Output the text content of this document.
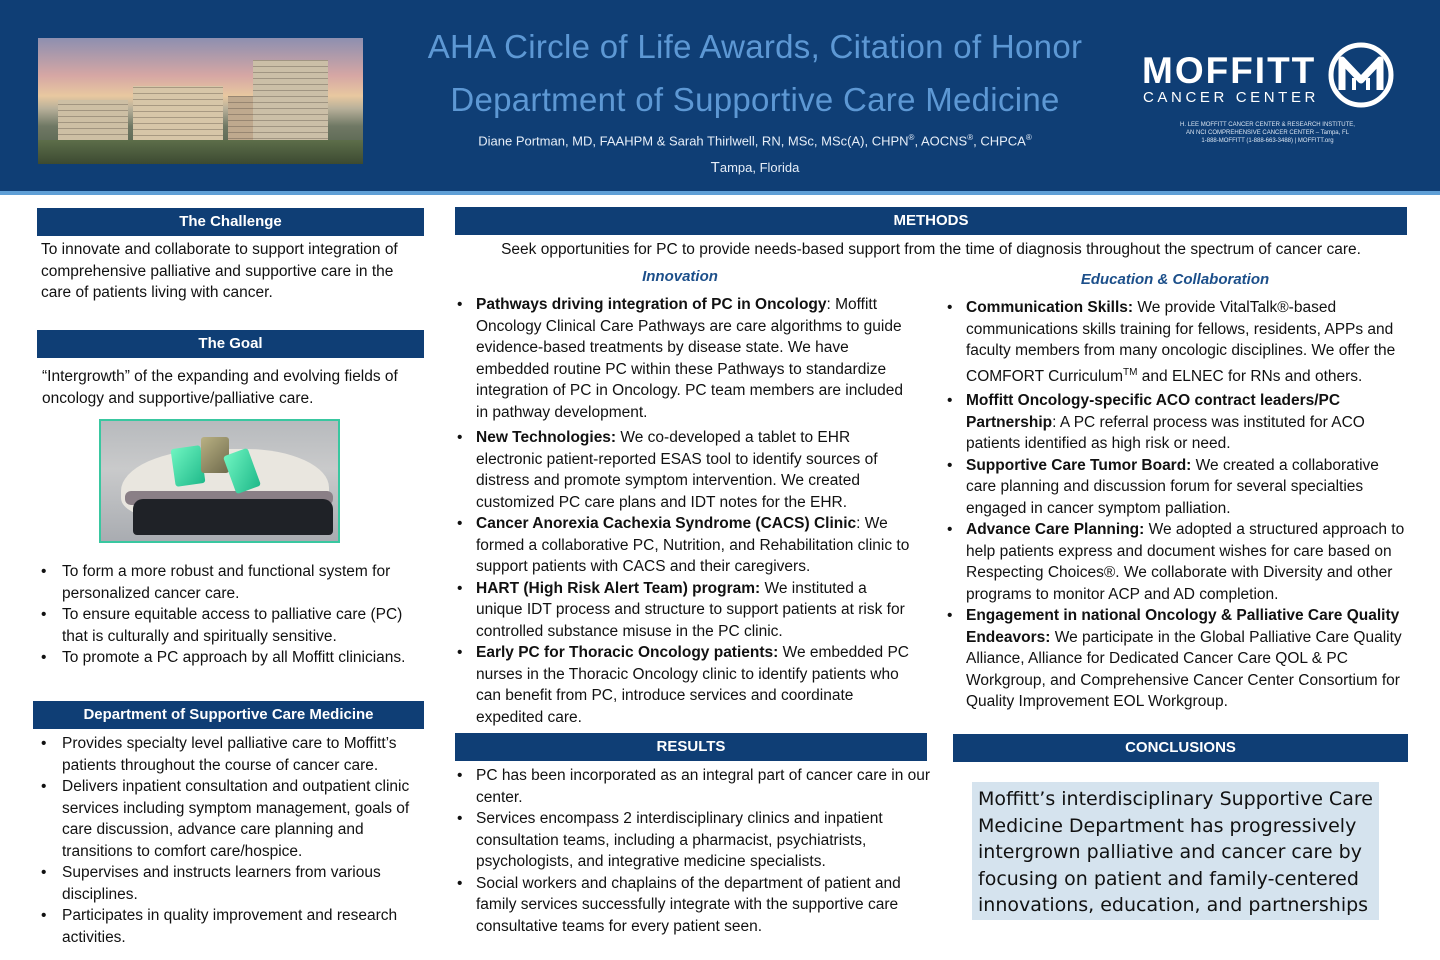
AHA Circle of Life Awards, Citation of Honor
Department of Supportive Care Medicine
Diane Portman, MD, FAAHPM & Sarah Thirlwell, RN, MSc, MSc(A), CHPN®, AOCNS®, CHPCA®
Tampa, Florida
MOFFITT
CANCER CENTER
H. LEE MOFFITT CANCER CENTER & RESEARCH INSTITUTE,
AN NCI COMPREHENSIVE CANCER CENTER – Tampa, FL
1-888-MOFFITT (1-888-663-3488) | MOFFITT.org
The Challenge
To innovate and collaborate to support integration of comprehensive palliative and supportive care in the care of patients living with cancer.
The Goal
“Intergrowth” of the expanding and evolving fields of oncology and supportive/palliative care.
• To form a more robust and functional system for personalized cancer care.
• To ensure equitable access to palliative care (PC) that is culturally and spiritually sensitive.
• To promote a PC approach by all Moffitt clinicians.
Department of Supportive Care Medicine
• Provides specialty level palliative care to Moffitt’s patients throughout the course of cancer care.
• Delivers inpatient consultation and outpatient clinic services including symptom management, goals of care discussion, advance care planning and transitions to comfort care/hospice.
• Supervises and instructs learners from various disciplines.
• Participates in quality improvement and research activities.
METHODS
Seek opportunities for PC to provide needs-based support from the time of diagnosis throughout the spectrum of cancer care.
Innovation
• Pathways driving integration of PC in Oncology: Moffitt Oncology Clinical Care Pathways are care algorithms to guide evidence-based treatments by disease state. We have embedded routine PC within these Pathways to standardize integration of PC in Oncology. PC team members are included in pathway development.
• New Technologies: We co-developed a tablet to EHR electronic patient-reported ESAS tool to identify sources of distress and promote symptom intervention. We created customized PC care plans and IDT notes for the EHR.
• Cancer Anorexia Cachexia Syndrome (CACS) Clinic: We formed a collaborative PC, Nutrition, and Rehabilitation clinic to support patients with CACS and their caregivers.
• HART (High Risk Alert Team) program: We instituted a unique IDT process and structure to support patients at risk for controlled substance misuse in the PC clinic.
• Early PC for Thoracic Oncology patients: We embedded PC nurses in the Thoracic Oncology clinic to identify patients who can benefit from PC, introduce services and coordinate expedited care.
Education & Collaboration
• Communication Skills: We provide VitalTalk®-based communications skills training for fellows, residents, APPs and faculty members from many oncologic disciplines. We offer the COMFORT Curriculum™ and ELNEC for RNs and others.
• Moffitt Oncology-specific ACO contract leaders/PC Partnership: A PC referral process was instituted for ACO patients identified as high risk or need.
• Supportive Care Tumor Board: We created a collaborative care planning and discussion forum for several specialties engaged in cancer symptom palliation.
• Advance Care Planning: We adopted a structured approach to help patients express and document wishes for care based on Respecting Choices®. We collaborate with Diversity and other programs to monitor ACP and AD completion.
• Engagement in national Oncology & Palliative Care Quality Endeavors: We participate in the Global Palliative Care Quality Alliance, Alliance for Dedicated Cancer Care QOL & PC Workgroup, and Comprehensive Cancer Center Consortium for Quality Improvement EOL Workgroup.
RESULTS
• PC has been incorporated as an integral part of cancer care in our center.
• Services encompass 2 interdisciplinary clinics and inpatient consultation teams, including a pharmacist, psychiatrists, psychologists, and integrative medicine specialists.
• Social workers and chaplains of the department of patient and family services successfully integrate with the supportive care consultative teams for every patient seen.
CONCLUSIONS
Moffitt’s interdisciplinary Supportive Care Medicine Department has progressively intergrown palliative and cancer care by focusing on patient and family-centered innovations, education, and partnerships
